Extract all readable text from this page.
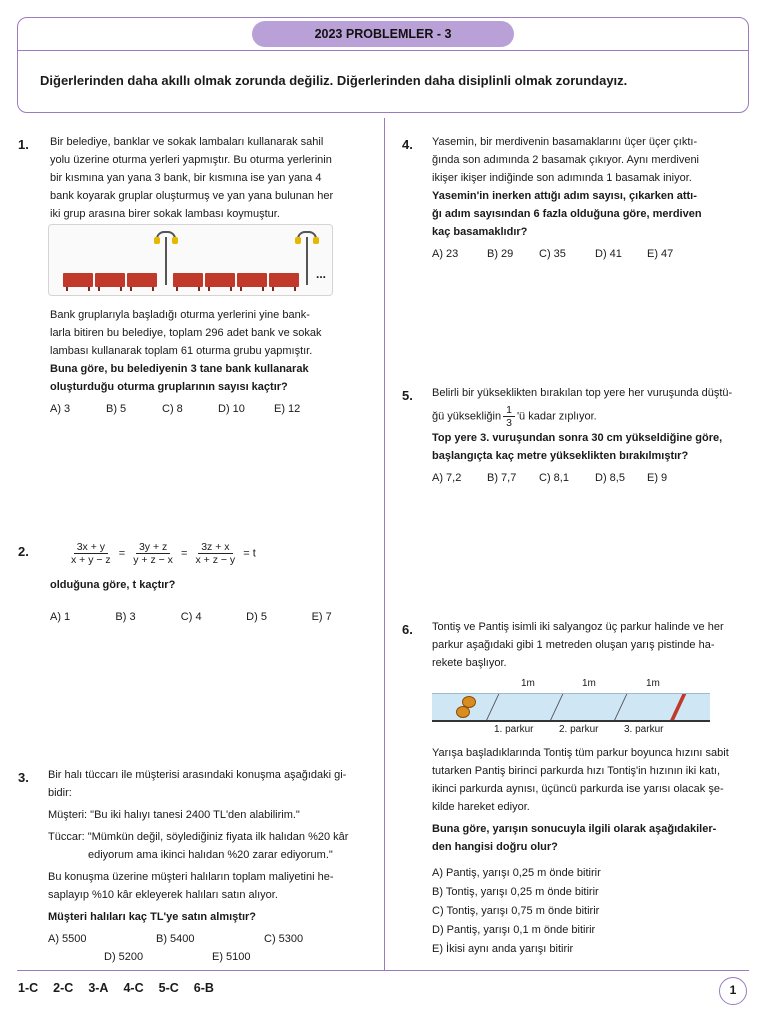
2023 PROBLEMLER - 3
Diğerlerinden daha akıllı olmak zorunda değiliz. Diğerlerinden daha disiplinli olmak zorundayız.
1. Bir belediye, banklar ve sokak lambaları kullanarak sahil

yolu üzerine oturma yerleri yapmıştır. Bu oturma yerlerinin

bir kısmına yan yana 3 bank, bir kısmına ise yan yana 4

bank koyarak gruplar oluşturmuş ve yan yana bulunan her

iki grup arasına birer sokak lambası koymuştur.

...

Bank gruplarıyla başladığı oturma yerlerini yine bank-

larla bitiren bu belediye, toplam 296 adet bank ve sokak

lambası kullanarak toplam 61 oturma grubu yapmıştır.

Buna göre, bu belediyenin 3 tane bank kullanarak

oluşturduğu oturma gruplarının sayısı kaçtır?

A) 3	B) 5	C) 8	D) 10	E) 12
2.	$\frac{3x + y}{x + y - z} = \frac{3y + z}{y + z - x} = \frac{3z + x}{x + z - y} = t$

olduğuna göre, t kaçtır?

A) 1	B) 3	C) 4	D) 5	E) 7
3. Bir halı tüccarı ile müşterisi arasındaki konuşma aşağıdaki gi-

bidir:

Müşteri: "Bu iki halıyı tanesi 2400 TL'den alabilirim."

Tüccar: "Mümkün değil, söylediğiniz fiyata ilk halıdan %20 kâr

ediyorum ama ikinci halıdan %20 zarar ediyorum."

Bu konuşma üzerine müşteri halıların toplam maliyetini he-

saplayıp %10 kâr ekleyerek halıları satın alıyor.

Müşteri halıları kaç TL'ye satın almıştır?

A) 5500	B) 5400	C) 5300
D) 5200	E) 5100
4. Yasemin, bir merdivenin basamaklarını üçer üçer çıktı-

ğında son adımında 2 basamak çıkıyor. Aynı merdiveni

ikişer ikişer indiğinde son adımında 1 basamak iniyor.

Yasemin'in inerken attığı adım sayısı, çıkarken attı-

ğı adım sayısından 6 fazla olduğuna göre, merdiven

kaç basamaklıdır?

A) 23	B) 29	C) 35	D) 41	E) 47
5. Belirli bir yükseklikten bırakılan top yere her vuruşunda düştü-

ğü yüksekliğin $\frac{1}{3}$ 'ü kadar zıplıyor.

Top yere 3. vuruşundan sonra 30 cm yükseldiğine göre,

başlangıçta kaç metre yükseklikten bırakılmıştır?

A) 7,2	B) 7,7	C) 8,1	D) 8,5	E) 9
6. Tontiş ve Pantiş isimli iki salyangoz üç parkur halinde ve her

parkur aşağıdaki gibi 1 metreden oluşan yarış pistinde ha-

rekete başlıyor.

1m	1m	1m
1. parkur	2. parkur	3. parkur

Yarışa başladıklarında Tontiş tüm parkur boyunca hızını sabit

tutarken Pantiş birinci parkurda hızı Tontiş'in hızının iki katı,

ikinci parkurda aynısı, üçüncü parkurda ise yarısı olacak şe-

kilde hareket ediyor.

Buna göre, yarışın sonucuyla ilgili olarak aşağıdakiler-

den hangisi doğru olur?

A) Pantiş, yarışı 0,25 m önde bitirir

B) Tontiş, yarışı 0,25 m önde bitirir

C) Tontiş, yarışı 0,75 m önde bitirir

D) Pantiş, yarışı 0,1 m önde bitirir

E) İkisi aynı anda yarışı bitirir

1-C 2-C 3-A 4-C 5-C 6-B	1
